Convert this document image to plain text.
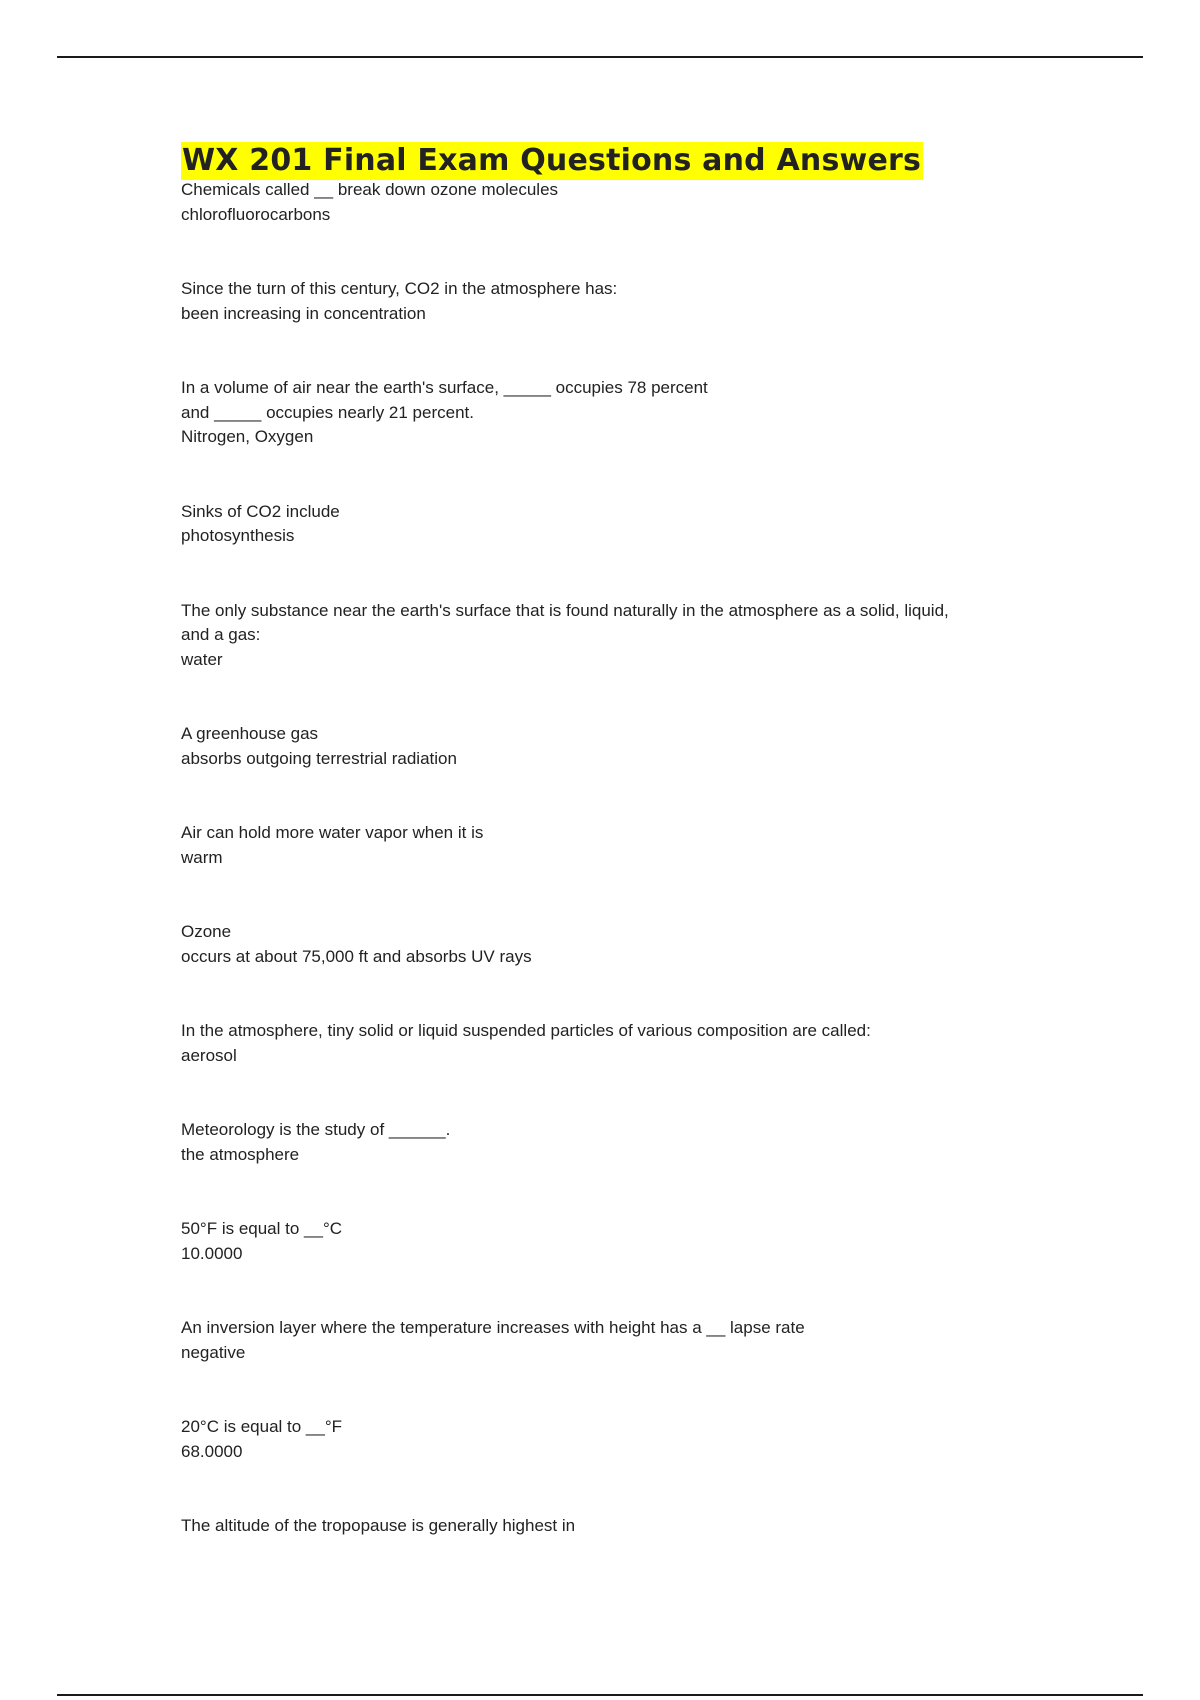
WX 201 Final Exam Questions and Answers
Chemicals called __ break down ozone molecules
chlorofluorocarbons
Since the turn of this century, CO2 in the atmosphere has:
been increasing in concentration
In a volume of air near the earth's surface, _____ occupies 78 percent
and _____ occupies nearly 21 percent.
Nitrogen, Oxygen
Sinks of CO2 include
photosynthesis
The only substance near the earth's surface that is found naturally in the atmosphere as a solid, liquid,
and a gas:
water
A greenhouse gas
absorbs outgoing terrestrial radiation
Air can hold more water vapor when it is
warm
Ozone
occurs at about 75,000 ft and absorbs UV rays
In the atmosphere, tiny solid or liquid suspended particles of various composition are called:
aerosol
Meteorology is the study of ______.
the atmosphere
50°F is equal to __°C
10.0000
An inversion layer where the temperature increases with height has a __ lapse rate
negative
20°C is equal to __°F
68.0000
The altitude of the tropopause is generally highest in
